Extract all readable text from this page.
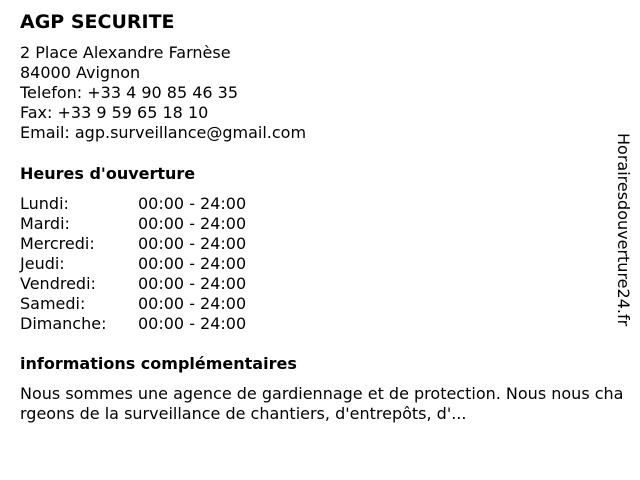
AGP SECURITE
2 Place Alexandre Farnèse
84000 Avignon
Telefon: +33 4 90 85 46 35
Fax: +33 9 59 65 18 10
Email: agp.surveillance@gmail.com
Heures d'ouverture
Lundi:	00:00 - 24:00
Mardi:	00:00 - 24:00
Mercredi:	00:00 - 24:00
Jeudi:	00:00 - 24:00
Vendredi:	00:00 - 24:00
Samedi:	00:00 - 24:00
Dimanche: 00:00 - 24:00
informations complémentaires
Nous sommes une agence de gardiennage et de protection. Nous nous chargeons de la surveillance de chantiers, d'entrepôts, d'...
Horairesdouverture24.fr
